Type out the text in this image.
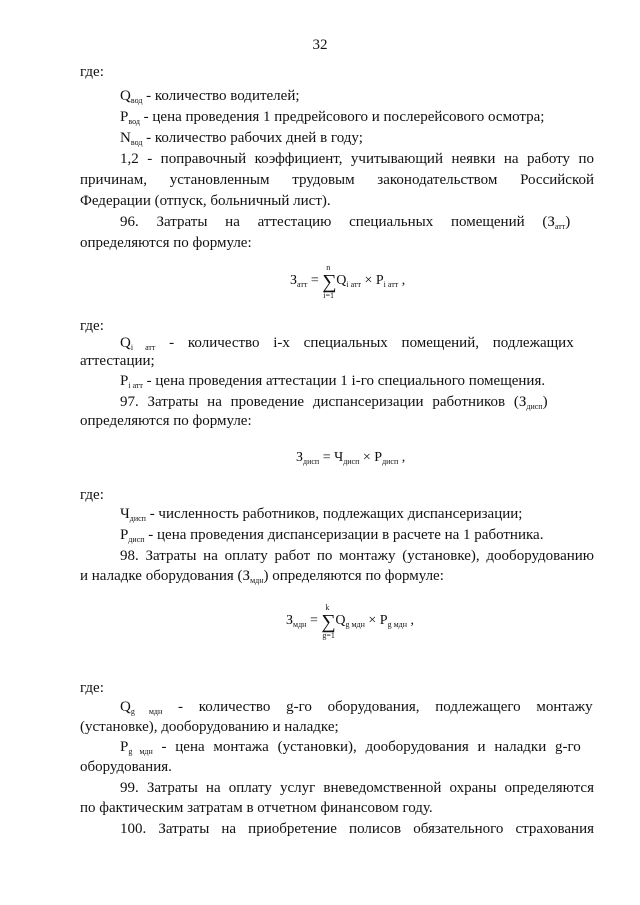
32
где:
$Q_{вод}$ - количество водителей;
$P_{вод}$ - цена проведения 1 предрейсового и послерейсового осмотра;
$N_{вод}$ - количество рабочих дней в году;
1,2 - поправочный коэффициент, учитывающий неявки на работу по
причинам, установленным трудовым законодательством Российской
Федерации (отпуск, больничный лист).
96. Затраты на аттестацию специальных помещений $(З_{атт})$
определяются по формуле:
$З_{атт}$ =
n
∑
i=1
$Q_{i атт} \times P_{i атт}$ ,
где:
$Q_{i атт}$ - количество i-х специальных помещений, подлежащих
аттестации;
$P_{i атт}$ - цена проведения аттестации 1 i-го специального помещения.
97. Затраты на проведение диспансеризации работников $(З_{дисп})$
определяются по формуле:
$З_{дисп} = Ч_{дисп} \times P_{дисп}$ ,
где:
$Ч_{дисп}$ - численность работников, подлежащих диспансеризации;
$P_{дисп}$ - цена проведения диспансеризации в расчете на 1 работника.
98. Затраты на оплату работ по монтажу (установке), дооборудованию
и наладке оборудования $(З_{мдн})$ определяются по формуле:
$З_{мдн}$ =
k
∑
g=1
$Q_{g мдн} \times P_{g мдн}$ ,
где:
$Q_{g мдн}$ - количество g-го оборудования, подлежащего монтажу
(установке), дооборудованию и наладке;
$P_{g мдн}$ - цена монтажа (установки), дооборудования и наладки g-го
оборудования.
99. Затраты на оплату услуг вневедомственной охраны определяются
по фактическим затратам в отчетном финансовом году.
100. Затраты на приобретение полисов обязательного страхования
